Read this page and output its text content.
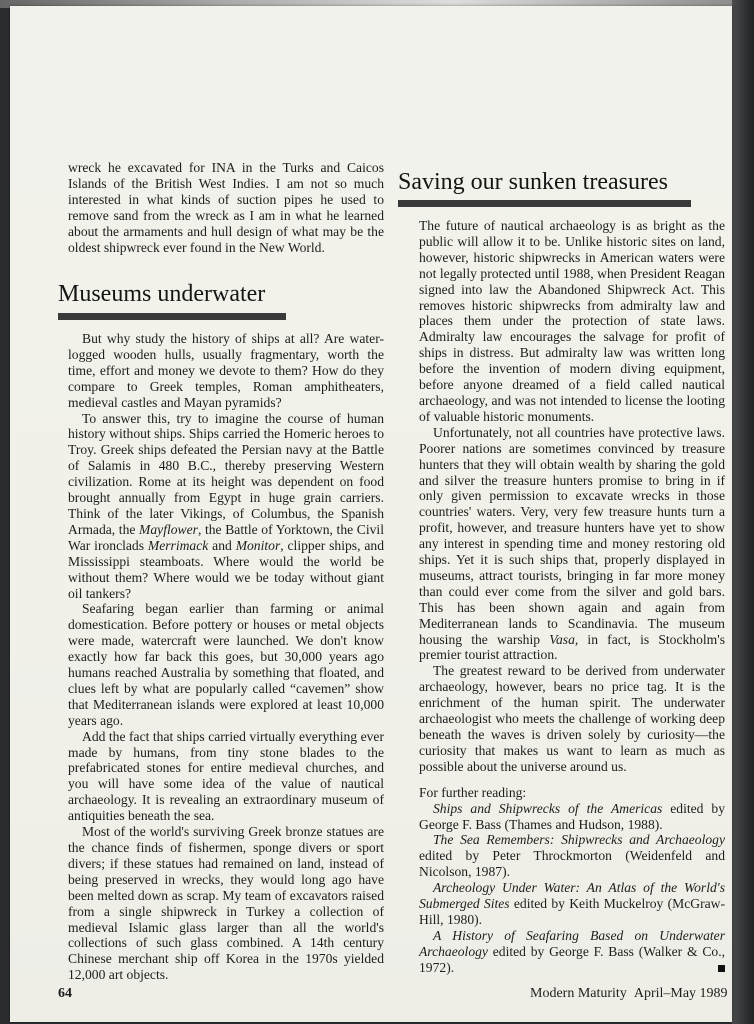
wreck he excavated for INA in the Turks and Caicos Islands of the British West Indies. I am not so much interested in what kinds of suction pipes he used to remove sand from the wreck as I am in what he learned about the armaments and hull design of what may be the oldest shipwreck ever found in the New World.

Museums underwater

But why study the history of ships at all? Are water-logged wooden hulls, usually fragmentary, worth the time, effort and money we devote to them? How do they compare to Greek temples, Roman amphitheaters, medieval castles and Mayan pyramids?

To answer this, try to imagine the course of human history without ships. Ships carried the Homeric heroes to Troy. Greek ships defeated the Persian navy at the Battle of Salamis in 480 B.C., thereby preserving Western civilization. Rome at its height was dependent on food brought annually from Egypt in huge grain carriers. Think of the later Vikings, of Columbus, the Spanish Armada, the Mayflower, the Battle of Yorktown, the Civil War ironclads Merrimack and Monitor, clipper ships, and Mississippi steamboats. Where would the world be without them? Where would we be today without giant oil tankers?

Seafaring began earlier than farming or animal domestication. Before pottery or houses or metal objects were made, watercraft were launched. We don't know exactly how far back this goes, but 30,000 years ago humans reached Australia by something that floated, and clues left by what are popularly called “cavemen” show that Mediterranean islands were explored at least 10,000 years ago.

Add the fact that ships carried virtually everything ever made by humans, from tiny stone blades to the prefabricated stones for entire medieval churches, and you will have some idea of the value of nautical archaeology. It is revealing an extraordinary museum of antiquities beneath the sea.

Most of the world's surviving Greek bronze statues are the chance finds of fishermen, sponge divers or sport divers; if these statues had remained on land, instead of being preserved in wrecks, they would long ago have been melted down as scrap. My team of excavators raised from a single shipwreck in Turkey a collection of medieval Islamic glass larger than all the world's collections of such glass combined. A 14th century Chinese merchant ship off Korea in the 1970s yielded 12,000 art objects.

Saving our sunken treasures

The future of nautical archaeology is as bright as the public will allow it to be. Unlike historic sites on land, however, historic shipwrecks in American waters were not legally protected until 1988, when President Reagan signed into law the Abandoned Shipwreck Act. This removes historic shipwrecks from admiralty law and places them under the protection of state laws. Admiralty law encourages the salvage for profit of ships in distress. But admiralty law was written long before the invention of modern diving equipment, before anyone dreamed of a field called nautical archaeology, and was not intended to license the looting of valuable historic monuments.

Unfortunately, not all countries have protective laws. Poorer nations are sometimes convinced by treasure hunters that they will obtain wealth by sharing the gold and silver the treasure hunters promise to bring in if only given permission to excavate wrecks in those countries' waters. Very, very few treasure hunts turn a profit, however, and treasure hunters have yet to show any interest in spending time and money restoring old ships. Yet it is such ships that, properly displayed in museums, attract tourists, bringing in far more money than could ever come from the silver and gold bars. This has been shown again and again from Mediterranean lands to Scandinavia. The museum housing the warship Vasa, in fact, is Stockholm's premier tourist attraction.

The greatest reward to be derived from underwater archaeology, however, bears no price tag. It is the enrichment of the human spirit. The underwater archaeologist who meets the challenge of working deep beneath the waves is driven solely by curiosity—the curiosity that makes us want to learn as much as possible about the universe around us.

For further reading:

Ships and Shipwrecks of the Americas edited by George F. Bass (Thames and Hudson, 1988).

The Sea Remembers: Shipwrecks and Archaeology edited by Peter Throckmorton (Weidenfeld and Nicolson, 1987).

Archeology Under Water: An Atlas of the World's Submerged Sites edited by Keith Muckelroy (McGraw-Hill, 1980).

A History of Seafaring Based on Underwater Archaeology edited by George F. Bass (Walker & Co., 1972).

64	Modern Maturity April–May 1989
